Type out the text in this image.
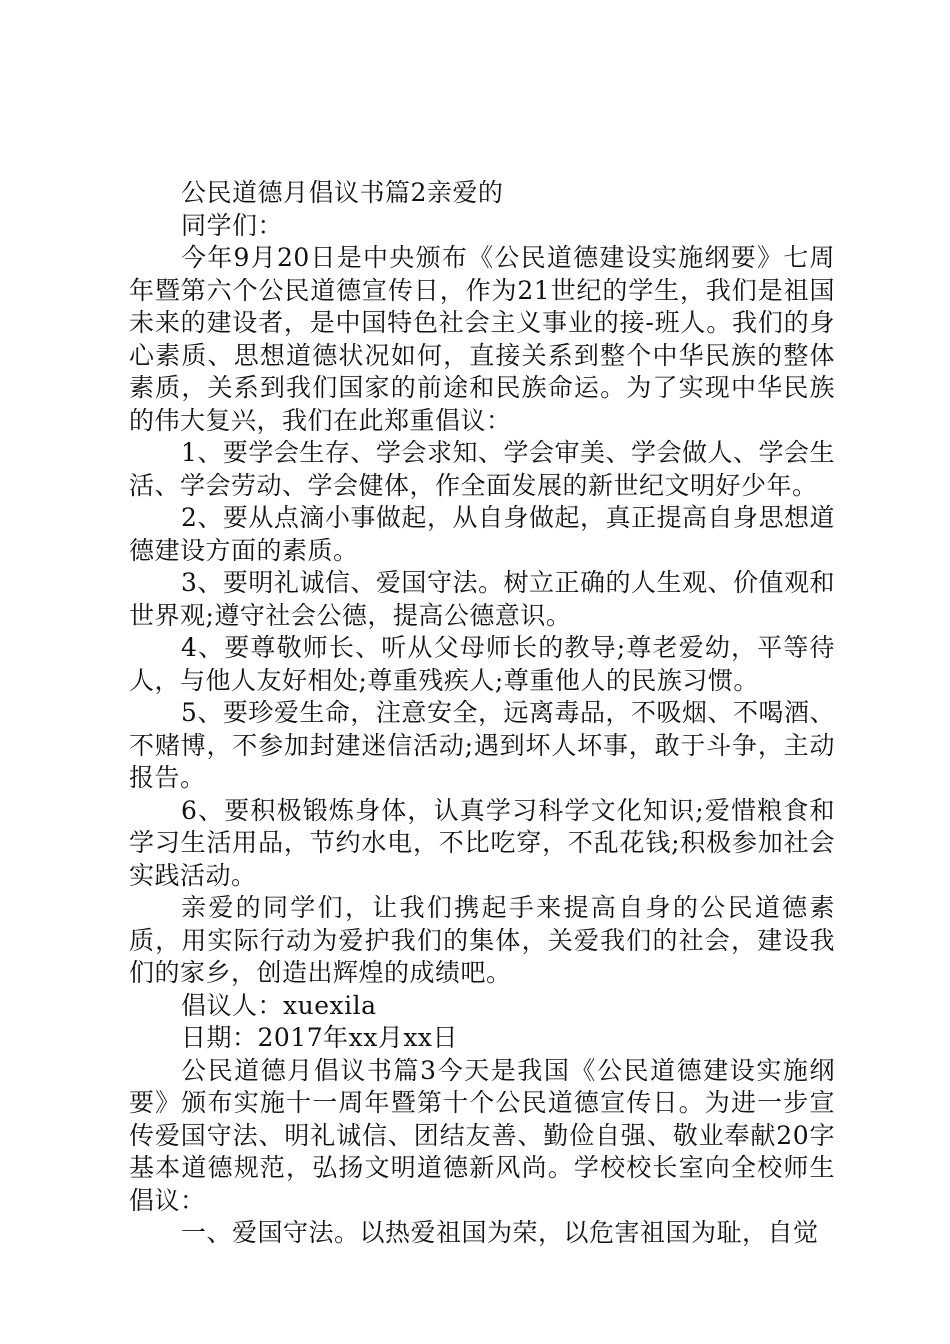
公民道德月倡议书篇2亲爱的

同学们：

今年9月20日是中央颁布《公民道德建设实施纲要》七周年暨第六个公民道德宣传日，作为21世纪的学生，我们是祖国未来的建设者，是中国特色社会主义事业的接-班人。我们的身心素质、思想道德状况如何，直接关系到整个中华民族的整体素质，关系到我们国家的前途和民族命运。为了实现中华民族的伟大复兴，我们在此郑重倡议：

1、要学会生存、学会求知、学会审美、学会做人、学会生活、学会劳动、学会健体，作全面发展的新世纪文明好少年。

2、要从点滴小事做起，从自身做起，真正提高自身思想道德建设方面的素质。

3、要明礼诚信、爱国守法。树立正确的人生观、价值观和世界观;遵守社会公德，提高公德意识。

4、要尊敬师长、听从父母师长的教导;尊老爱幼，平等待人，与他人友好相处;尊重残疾人;尊重他人的民族习惯。

5、要珍爱生命，注意安全，远离毒品，不吸烟、不喝酒、不赌博，不参加封建迷信活动;遇到坏人坏事，敢于斗争，主动报告。

6、要积极锻炼身体，认真学习科学文化知识;爱惜粮食和学习生活用品，节约水电，不比吃穿，不乱花钱;积极参加社会实践活动。

亲爱的同学们，让我们携起手来提高自身的公民道德素质，用实际行动为爱护我们的集体，关爱我们的社会，建设我们的家乡，创造出辉煌的成绩吧。

倡议人：xuexila

日期：2017年xx月xx日

公民道德月倡议书篇3今天是我国《公民道德建设实施纲要》颁布实施十一周年暨第十个公民道德宣传日。为进一步宣传爱国守法、明礼诚信、团结友善、勤俭自强、敬业奉献20字基本道德规范，弘扬文明道德新风尚。学校校长室向全校师生倡议：

一、爱国守法。以热爱祖国为荣，以危害祖国为耻，自觉
